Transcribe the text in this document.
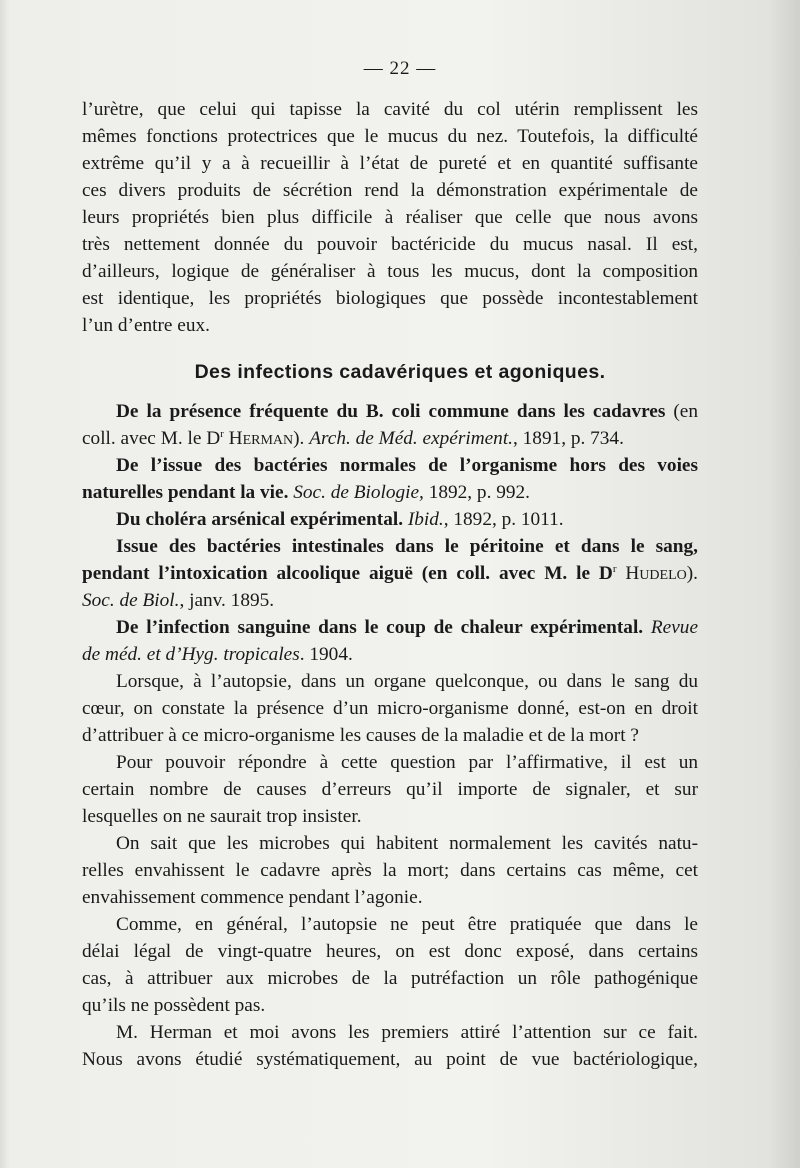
— 22 —
l’urètre, que celui qui tapisse la cavité du col utérin remplissent les
mêmes fonctions protectrices que le mucus du nez. Toutefois, la difficulté
extrême qu’il y a à recueillir à l’état de pureté et en quantité suffisante
ces divers produits de sécrétion rend la démonstration expérimentale de
leurs propriétés bien plus difficile à réaliser que celle que nous avons
très nettement donnée du pouvoir bactéricide du mucus nasal. Il est,
d’ailleurs, logique de généraliser à tous les mucus, dont la composition
est identique, les propriétés biologiques que possède incontestablement
l’un d’entre eux.
Des infections cadavériques et agoniques.
De la présence fréquente du B. coli commune dans les cadavres (en
coll. avec M. le $D^r$ Herman). Arch. de Méd. expériment., 1891, p. 734.
De l’issue des bactéries normales de l’organisme hors des voies
naturelles pendant la vie. Soc. de Biologie, 1892, p. 992.
Du choléra arsénical expérimental. Ibid., 1892, p. 1011.
Issue des bactéries intestinales dans le péritoine et dans le sang,
pendant l’intoxication alcoolique aiguë (en coll. avec M. le $D^r$ Hudelo).
Soc. de Biol., janv. 1895.
De l’infection sanguine dans le coup de chaleur expérimental. Revue
de méd. et d’Hyg. tropicales. 1904.
Lorsque, à l’autopsie, dans un organe quelconque, ou dans le sang du
cœur, on constate la présence d’un micro-organisme donné, est-on en droit
d’attribuer à ce micro-organisme les causes de la maladie et de la mort ?
Pour pouvoir répondre à cette question par l’affirmative, il est un
certain nombre de causes d’erreurs qu’il importe de signaler, et sur
lesquelles on ne saurait trop insister.
On sait que les microbes qui habitent normalement les cavités natu-
relles envahissent le cadavre après la mort; dans certains cas même, cet
envahissement commence pendant l’agonie.
Comme, en général, l’autopsie ne peut être pratiquée que dans le
délai légal de vingt-quatre heures, on est donc exposé, dans certains
cas, à attribuer aux microbes de la putréfaction un rôle pathogénique
qu’ils ne possèdent pas.
M. Herman et moi avons les premiers attiré l’attention sur ce fait.
Nous avons étudié systématiquement, au point de vue bactériologique,
